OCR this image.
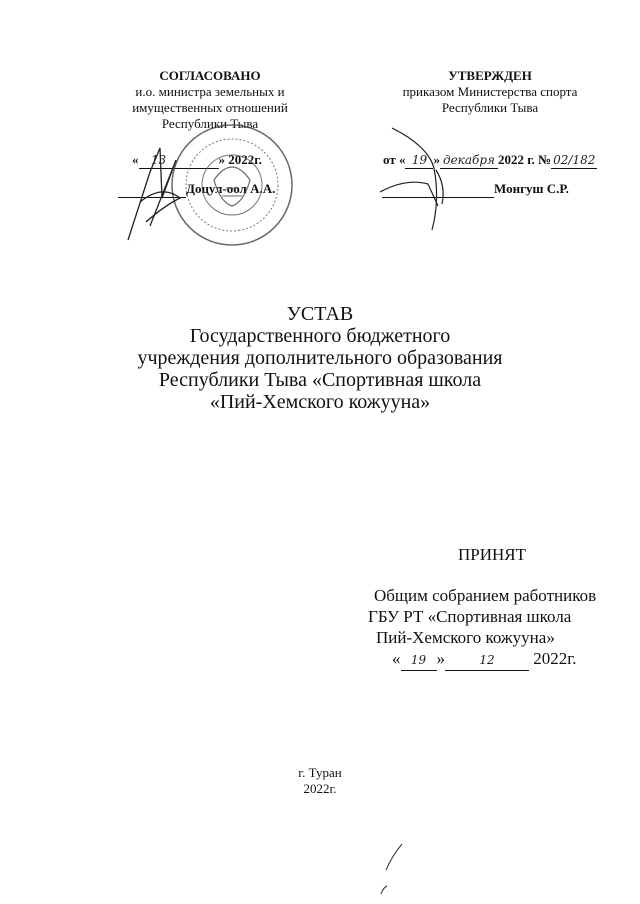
СОГЛАСОВАНО
и.о. министра земельных и
имущественных отношений
Республики Тыва
« 13	» 2022г.
Доцул-оол А.А.
УТВЕРЖДЕН
приказом Министерства спорта
Республики Тыва
от « 19 » декабря 2022 г. № 02/182
Монгуш С.Р.
УСТАВ
Государственного бюджетного
учреждения дополнительного образования
Республики Тыва «Спортивная школа
«Пий-Хемского кожууна»
ПРИНЯТ
Общим собранием работников
ГБУ РТ «Спортивная школа
Пий-Хемского кожууна»
« 19 »	12 2022г.
г. Туран
2022г.
